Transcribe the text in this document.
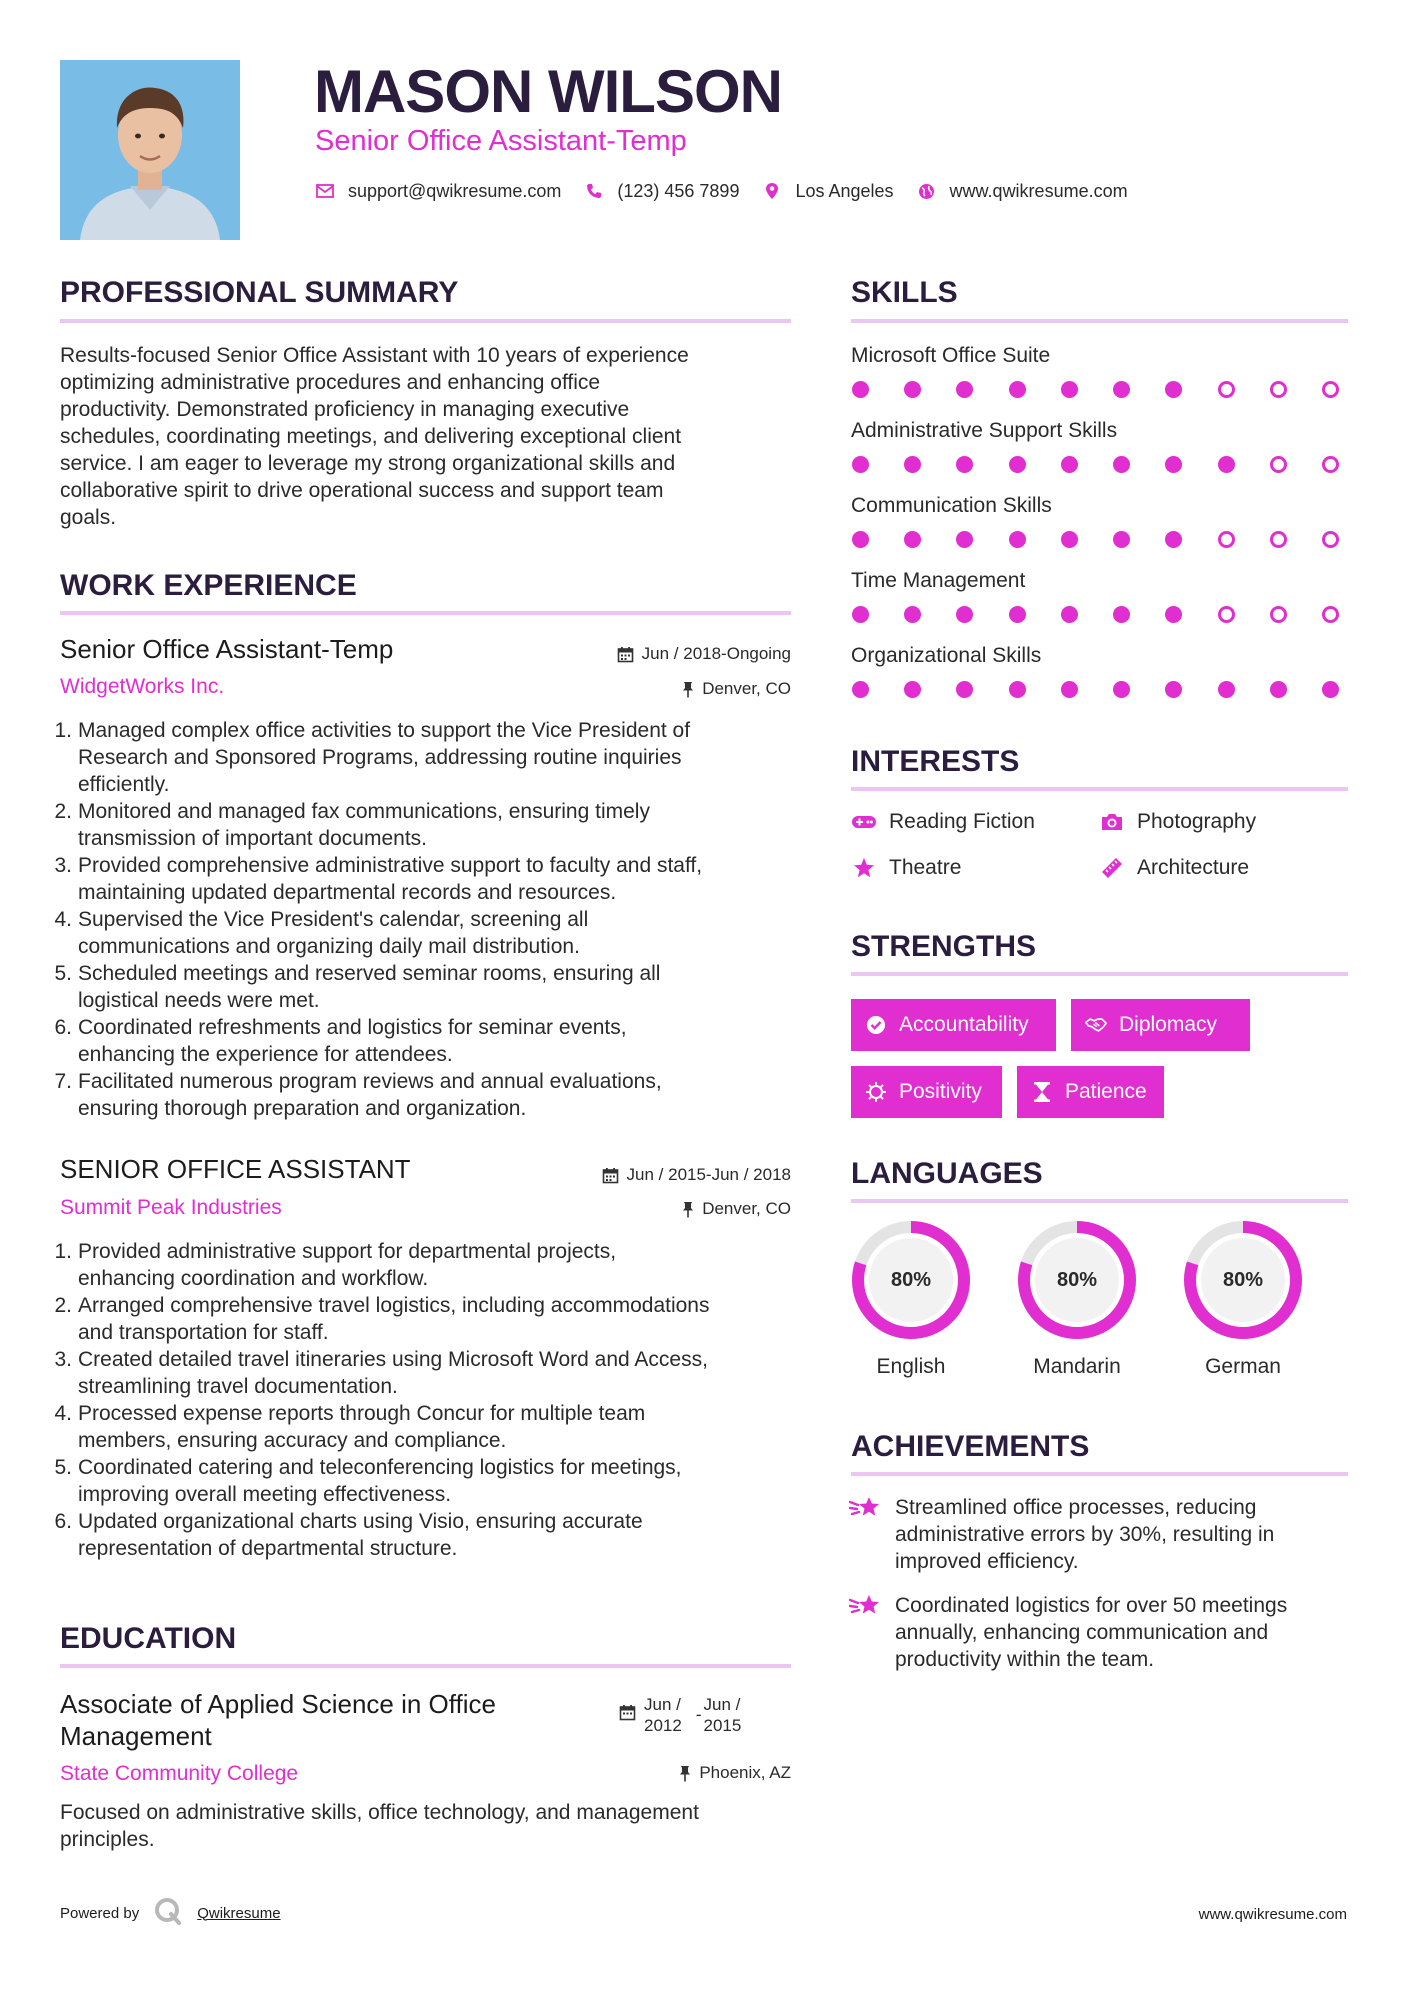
MASON WILSON
Senior Office Assistant-Temp
support@qwikresume.com	(123) 456 7899	Los Angeles	www.qwikresume.com
PROFESSIONAL SUMMARY
Results-focused Senior Office Assistant with 10 years of experience
optimizing administrative procedures and enhancing office
productivity. Demonstrated proficiency in managing executive
schedules, coordinating meetings, and delivering exceptional client
service. I am eager to leverage my strong organizational skills and
collaborative spirit to drive operational success and support team
goals.
WORK EXPERIENCE
Senior Office Assistant-Temp	Jun / 2018-Ongoing
WidgetWorks Inc.	Denver, CO
1. Managed complex office activities to support the Vice President of
Research and Sponsored Programs, addressing routine inquiries
efficiently.
2. Monitored and managed fax communications, ensuring timely
transmission of important documents.
3. Provided comprehensive administrative support to faculty and staff,
maintaining updated departmental records and resources.
4. Supervised the Vice President's calendar, screening all
communications and organizing daily mail distribution.
5. Scheduled meetings and reserved seminar rooms, ensuring all
logistical needs were met.
6. Coordinated refreshments and logistics for seminar events,
enhancing the experience for attendees.
7. Facilitated numerous program reviews and annual evaluations,
ensuring thorough preparation and organization.
SENIOR OFFICE ASSISTANT	Jun / 2015-Jun / 2018
Summit Peak Industries	Denver, CO
1. Provided administrative support for departmental projects,
enhancing coordination and workflow.
2. Arranged comprehensive travel logistics, including accommodations
and transportation for staff.
3. Created detailed travel itineraries using Microsoft Word and Access,
streamlining travel documentation.
4. Processed expense reports through Concur for multiple team
members, ensuring accuracy and compliance.
5. Coordinated catering and teleconferencing logistics for meetings,
improving overall meeting effectiveness.
6. Updated organizational charts using Visio, ensuring accurate
representation of departmental structure.
EDUCATION
Associate of Applied Science in Office
Management
Jun /
2012
-
Jun /
2015
State Community College	Phoenix, AZ
Focused on administrative skills, office technology, and management
principles.
SKILLS
Microsoft Office Suite
Administrative Support Skills
Communication Skills
Time Management
Organizational Skills
INTERESTS
Reading Fiction	Photography
Theatre	Architecture
STRENGTHS
Accountability	Diplomacy
Positivity	Patience
LANGUAGES
80%
English
80%
Mandarin
80%
German
ACHIEVEMENTS
Streamlined office processes, reducing
administrative errors by 30%, resulting in
improved efficiency.
Coordinated logistics for over 50 meetings
annually, enhancing communication and
productivity within the team.
Powered by	Qwikresume	www.qwikresume.com
